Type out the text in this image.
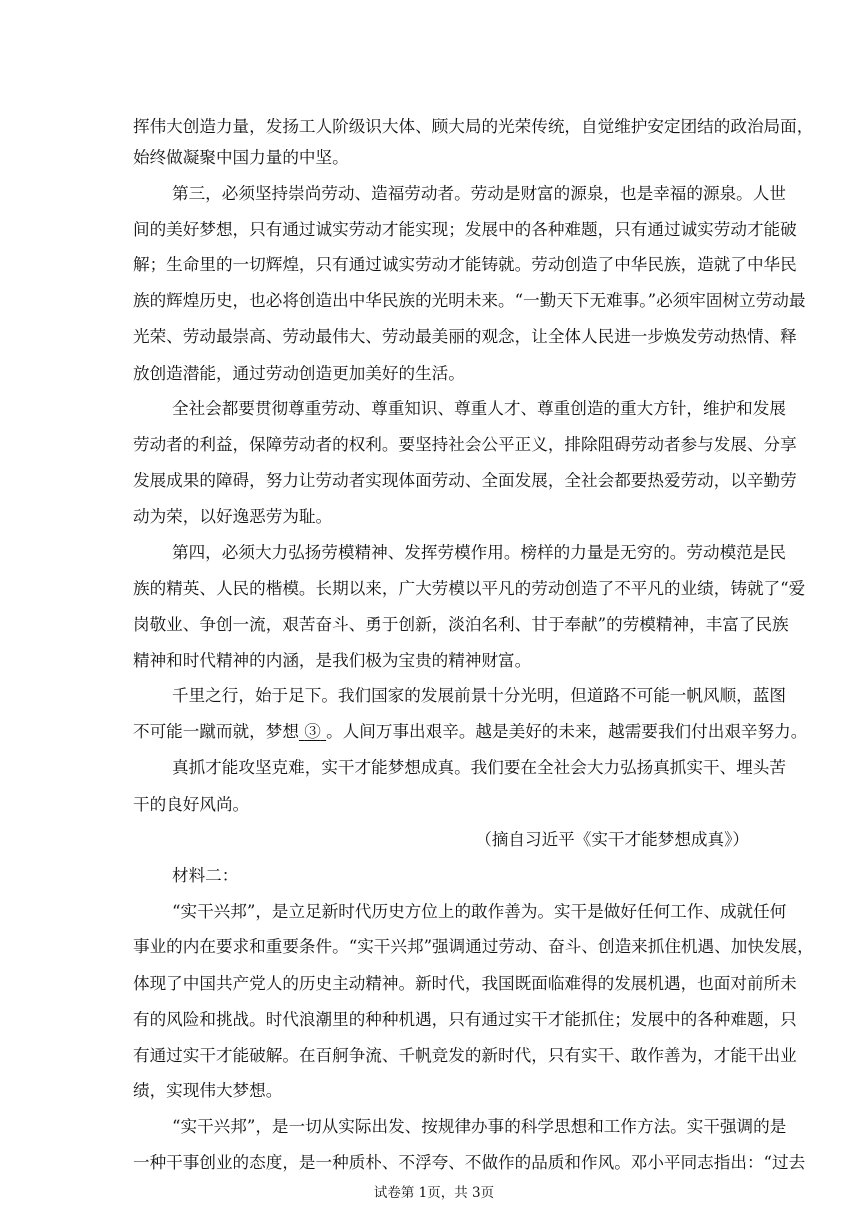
挥伟大创造力量，发扬工人阶级识大体、顾大局的光荣传统，自觉维护安定团结的政治局面，

始终做凝聚中国力量的中坚。

第三，必须坚持崇尚劳动、造福劳动者。劳动是财富的源泉，也是幸福的源泉。人世

间的美好梦想，只有通过诚实劳动才能实现；发展中的各种难题，只有通过诚实劳动才能破

解；生命里的一切辉煌，只有通过诚实劳动才能铸就。劳动创造了中华民族，造就了中华民

族的辉煌历史，也必将创造出中华民族的光明未来。“一勤天下无难事。”必须牢固树立劳动最

光荣、劳动最崇高、劳动最伟大、劳动最美丽的观念，让全体人民进一步焕发劳动热情、释

放创造潜能，通过劳动创造更加美好的生活。

全社会都要贯彻尊重劳动、尊重知识、尊重人才、尊重创造的重大方针，维护和发展

劳动者的利益，保障劳动者的权利。要坚持社会公平正义，排除阻碍劳动者参与发展、分享

发展成果的障碍，努力让劳动者实现体面劳动、全面发展，全社会都要热爱劳动，以辛勤劳

动为荣，以好逸恶劳为耻。

第四，必须大力弘扬劳模精神、发挥劳模作用。榜样的力量是无穷的。劳动模范是民

族的精英、人民的楷模。长期以来，广大劳模以平凡的劳动创造了不平凡的业绩，铸就了“爱

岗敬业、争创一流，艰苦奋斗、勇于创新，淡泊名利、甘于奉献”的劳模精神，丰富了民族

精神和时代精神的内涵，是我们极为宝贵的精神财富。

千里之行，始于足下。我们国家的发展前景十分光明，但道路不可能一帆风顺，蓝图

不可能一蹴而就，梦想 ③ 。人间万事出艰辛。越是美好的未来，越需要我们付出艰辛努力。

真抓才能攻坚克难，实干才能梦想成真。我们要在全社会大力弘扬真抓实干、埋头苦

干的良好风尚。

（摘自习近平《实干才能梦想成真》）

材料二：

“实干兴邦”，是立足新时代历史方位上的敢作善为。实干是做好任何工作、成就任何

事业的内在要求和重要条件。“实干兴邦”强调通过劳动、奋斗、创造来抓住机遇、加快发展，

体现了中国共产党人的历史主动精神。新时代，我国既面临难得的发展机遇，也面对前所未

有的风险和挑战。时代浪潮里的种种机遇，只有通过实干才能抓住；发展中的各种难题，只

有通过实干才能破解。在百舸争流、千帆竞发的新时代，只有实干、敢作善为，才能干出业

绩，实现伟大梦想。

“实干兴邦”，是一切从实际出发、按规律办事的科学思想和工作方法。实干强调的是

一种干事创业的态度，是一种质朴、不浮夸、不做作的品质和作风。邓小平同志指出：“过去

试卷第 1页，共 3页
